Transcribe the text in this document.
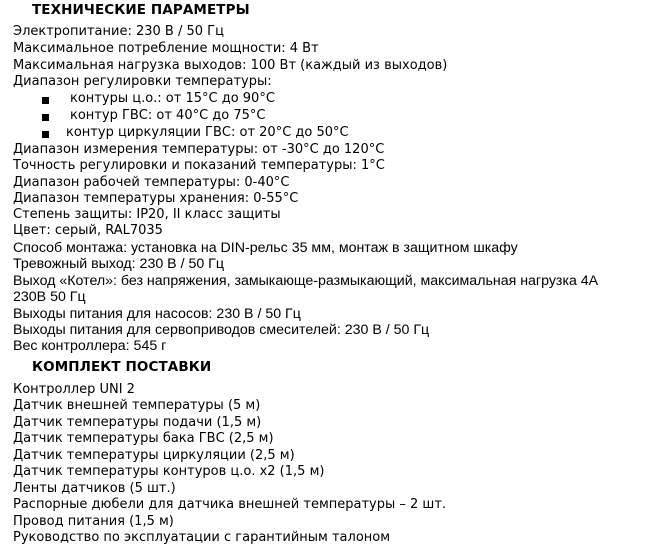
ТЕХНИЧЕСКИЕ ПАРАМЕТРЫ
Электропитание: 230 В / 50 Гц
Максимальное потребление мощности: 4 Вт
Максимальная нагрузка выходов: 100 Вт (каждый из выходов)
Диапазон регулировки температуры:
контуры ц.о.: от 15°C до 90°C
контур ГВС: от 40°C до 75°C
контур циркуляции ГВС: от 20°C до 50°C
Диапазон измерения температуры: от -30°C до 120°C
Точность регулировки и показаний температуры: 1°C
Диапазон рабочей температуры: 0-40°C
Диапазон температуры хранения: 0-55°C
Степень защиты: IP20, II класс защиты
Цвет: серый, RAL7035
Способ монтажа: установка на DIN-рельс 35 мм, монтаж в защитном шкафу
Тревожный выход: 230 В / 50 Гц
Выход «Котел»: без напряжения, замыкающе-размыкающий, максимальная нагрузка 4А
230В 50 Гц
Выходы питания для насосов: 230 В / 50 Гц
Выходы питания для сервоприводов смесителей: 230 В / 50 Гц
Вес контроллера: 545 г
КОМПЛЕКТ ПОСТАВКИ
Контроллер UNI 2
Датчик внешней температуры (5 м)
Датчик температуры подачи (1,5 м)
Датчик температуры бака ГВС (2,5 м)
Датчик температуры циркуляции (2,5 м)
Датчик температуры контуров ц.о. х2 (1,5 м)
Ленты датчиков (5 шт.)
Распорные дюбели для датчика внешней температуры – 2 шт.
Провод питания (1,5 м)
Руководство по эксплуатации с гарантийным талоном
